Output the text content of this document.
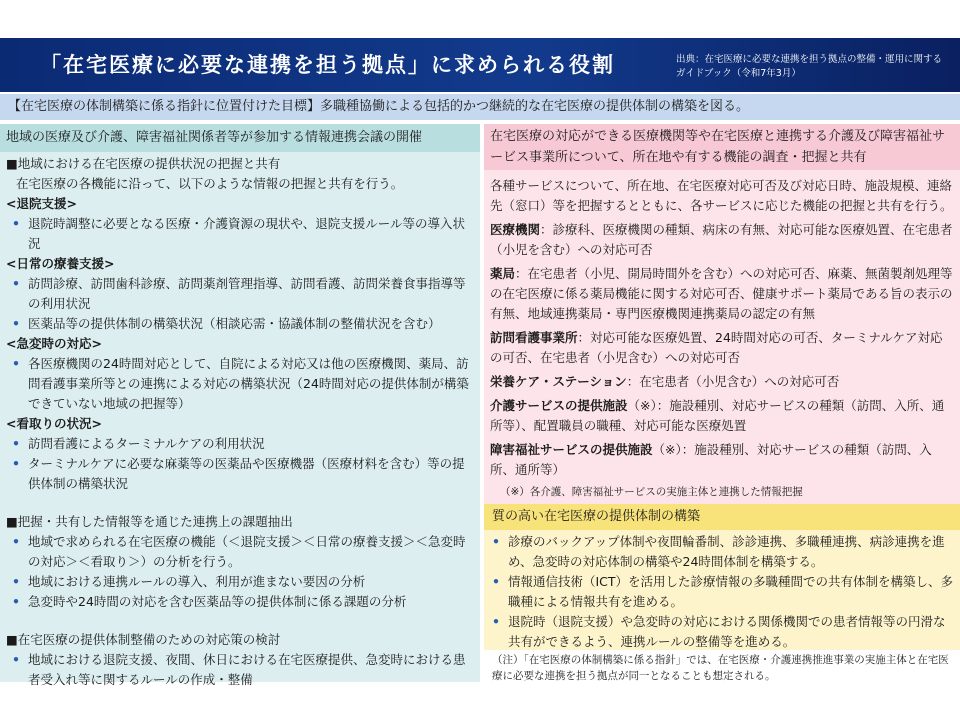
「在宅医療に必要な連携を担う拠点」に求められる役割	出典：在宅医療に必要な連携を担う拠点の整備・運用に関する
ガイドブック（令和7年3月）
【在宅医療の体制構築に係る指針に位置付けた目標】多職種協働による包括的かつ継続的な在宅医療の提供体制の構築を図る。
地域の医療及び介護、障害福祉関係者等が参加する情報連携会議の開催
■地域における在宅医療の提供状況の把握と共有
在宅医療の各機能に沿って、以下のような情報の把握と共有を行う。
<退院支援>
• 退院時調整に必要となる医療・介護資源の現状や、退院支援ルール等の導入状況
<日常の療養支援>
• 訪問診療、訪問歯科診療、訪問薬剤管理指導、訪問看護、訪問栄養食事指導等の利用状況
• 医薬品等の提供体制の構築状況（相談応需・協議体制の整備状況を含む）
<急変時の対応>
• 各医療機関の24時間対応として、自院による対応又は他の医療機関、薬局、訪問看護事業所等との連携による対応の構築状況（24時間対応の提供体制が構築できていない地域の把握等）
<看取りの状況>
• 訪問看護によるターミナルケアの利用状況
• ターミナルケアに必要な麻薬等の医薬品や医療機器（医療材料を含む）等の提供体制の構築状況
■把握・共有した情報等を通じた連携上の課題抽出
• 地域で求められる在宅医療の機能（＜退院支援＞＜日常の療養支援＞＜急変時の対応＞＜看取り＞）の分析を行う。
• 地域における連携ルールの導入、利用が進まない要因の分析
• 急変時や24時間の対応を含む医薬品等の提供体制に係る課題の分析
■在宅医療の提供体制整備のための対応策の検討
• 地域における退院支援、夜間、休日における在宅医療提供、急変時における患者受入れ等に関するルールの作成・整備
在宅医療の対応ができる医療機関等や在宅医療と連携する介護及び障害福祉サービス事業所について、所在地や有する機能の調査・把握と共有
各種サービスについて、所在地、在宅医療対応可否及び対応日時、施設規模、連絡先（窓口）等を把握するとともに、各サービスに応じた機能の把握と共有を行う。
医療機関：診療科、医療機関の種類、病床の有無、対応可能な医療処置、在宅患者（小児を含む）への対応可否
薬局：在宅患者（小児、開局時間外を含む）への対応可否、麻薬、無菌製剤処理等の在宅医療に係る薬局機能に関する対応可否、健康サポート薬局である旨の表示の有無、地域連携薬局・専門医療機関連携薬局の認定の有無
訪問看護事業所：対応可能な医療処置、24時間対応の可否、ターミナルケア対応の可否、在宅患者（小児含む）への対応可否
栄養ケア・ステーション：在宅患者（小児含む）への対応可否
介護サービスの提供施設（※）：施設種別、対応サービスの種類（訪問、入所、通所等）、配置職員の職種、対応可能な医療処置
障害福祉サービスの提供施設（※）：施設種別、対応サービスの種類（訪問、入所、通所等）
（※）各介護、障害福祉サービスの実施主体と連携した情報把握
質の高い在宅医療の提供体制の構築
• 診療のバックアップ体制や夜間輪番制、診診連携、多職種連携、病診連携を進め、急変時の対応体制の構築や24時間体制を構築する。
• 情報通信技術（ICT）を活用した診療情報の多職種間での共有体制を構築し、多職種による情報共有を進める。
• 退院時（退院支援）や急変時の対応における関係機関での患者情報等の円滑な共有ができるよう、連携ルールの整備等を進める。
（注）「在宅医療の体制構築に係る指針」では、在宅医療・介護連携推進事業の実施主体と在宅医療に必要な連携を担う拠点が同一となることも想定される。
